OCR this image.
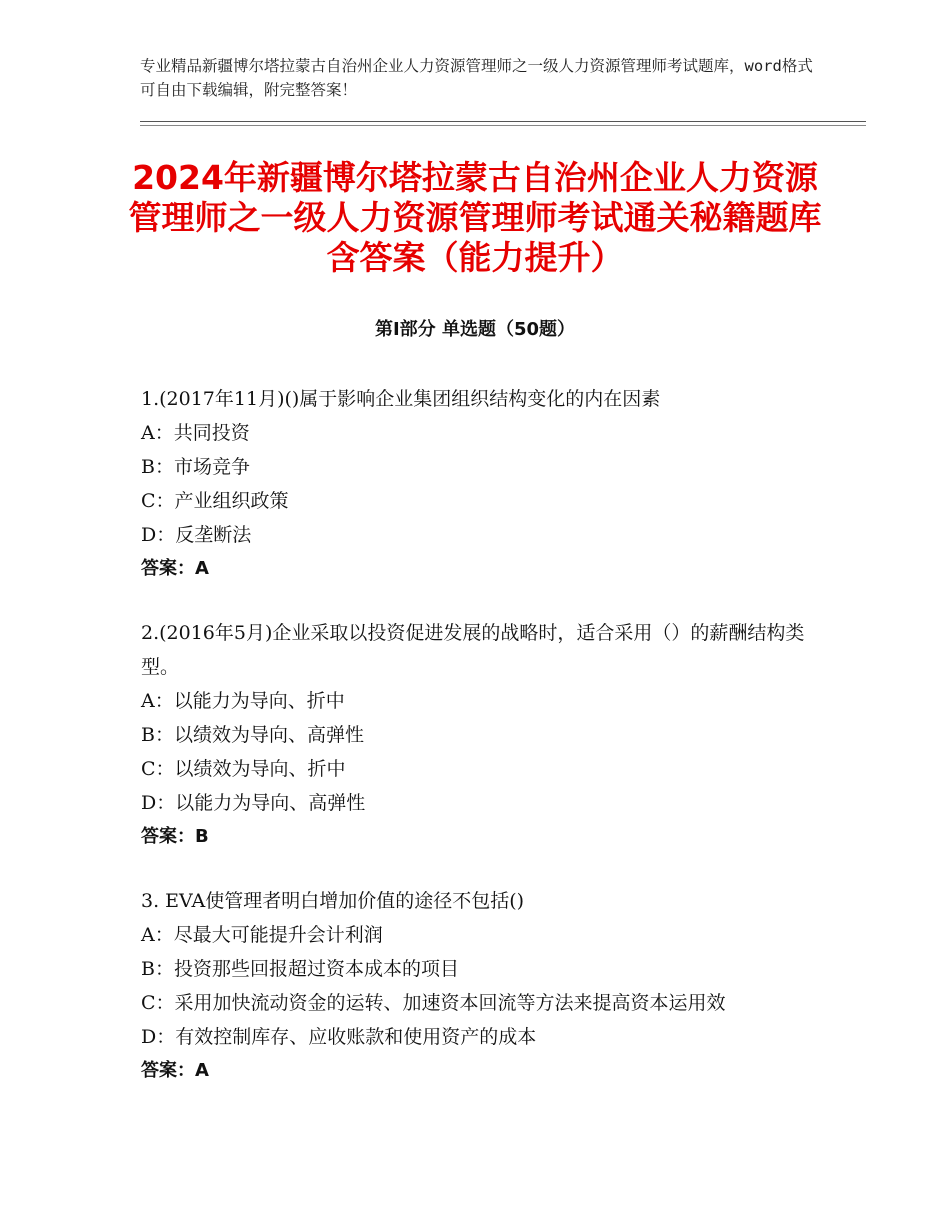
专业精品新疆博尔塔拉蒙古自治州企业人力资源管理师之一级人力资源管理师考试题库，word格式可自由下载编辑，附完整答案！
2024年新疆博尔塔拉蒙古自治州企业人力资源管理师之一级人力资源管理师考试通关秘籍题库含答案（能力提升）
第Ⅰ部分 单选题（50题）
1.(2017年11月)()属于影响企业集团组织结构变化的内在因素
A：共同投资
B：市场竞争
C：产业组织政策
D：反垄断法
答案：A
2.(2016年5月)企业采取以投资促进发展的战略时，适合采用（）的薪酬结构类型。
A：以能力为导向、折中
B：以绩效为导向、高弹性
C：以绩效为导向、折中
D：以能力为导向、高弹性
答案：B
3. EVA使管理者明白增加价值的途径不包括()
A：尽最大可能提升会计利润
B：投资那些回报超过资本成本的项目
C：采用加快流动资金的运转、加速资本回流等方法来提高资本运用效
D：有效控制库存、应收账款和使用资产的成本
答案：A
